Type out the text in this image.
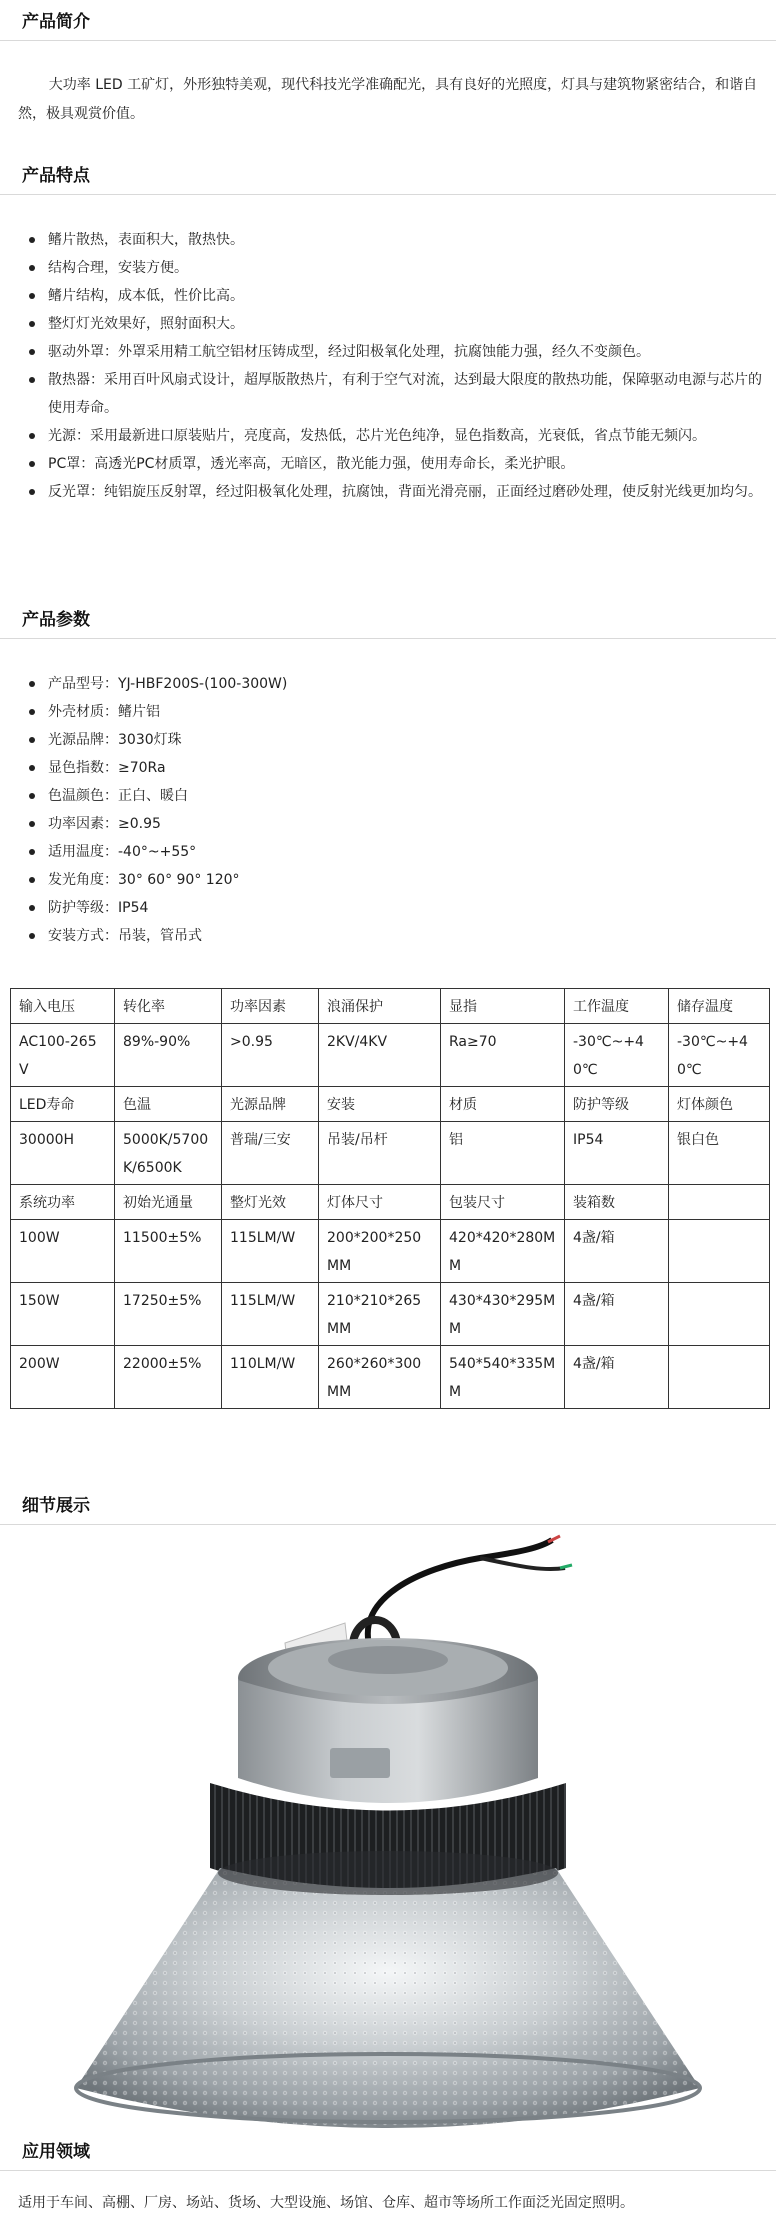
产品简介
大功率 LED 工矿灯，外形独特美观，现代科技光学准确配光，具有良好的光照度，灯具与建筑物紧密结合，和谐自然，极具观赏价值。
产品特点
鳍片散热，表面积大，散热快。
结构合理，安装方便。
鳍片结构，成本低，性价比高。
整灯灯光效果好，照射面积大。
驱动外罩：外罩采用精工航空铝材压铸成型，经过阳极氧化处理，抗腐蚀能力强，经久不变颜色。
散热器：采用百叶风扇式设计，超厚版散热片，有利于空气对流，达到最大限度的散热功能，保障驱动电源与芯片的使用寿命。
光源：采用最新进口原装贴片，亮度高，发热低，芯片光色纯净，显色指数高，光衰低，省点节能无频闪。
PC罩：高透光PC材质罩，透光率高，无暗区，散光能力强，使用寿命长，柔光护眼。
反光罩：纯铝旋压反射罩，经过阳极氧化处理，抗腐蚀，背面光滑亮丽，正面经过磨砂处理，使反射光线更加均匀。
产品参数
产品型号：YJ-HBF200S-(100-300W)
外壳材质：鳍片铝
光源品牌：3030灯珠
显色指数：≥70Ra
色温颜色：正白、暖白
功率因素：≥0.95
适用温度：-40°~+55°
发光角度：30° 60° 90° 120°
防护等级：IP54
安装方式：吊装，管吊式
输入电压	转化率	功率因素	浪涌保护	显指	工作温度	储存温度
AC100-265V	89%-90%	>0.95	2KV/4KV	Ra≥70	-30℃~+40℃	-30℃~+40℃
LED寿命	色温	光源品牌	安装	材质	防护等级	灯体颜色
30000H	5000K/5700K/6500K	普瑞/三安	吊装/吊杆	铝	IP54	银白色
系统功率	初始光通量	整灯光效	灯体尺寸	包装尺寸	装箱数	
100W	11500±5%	115LM/W	200*200*250MM	420*420*280MM	4盏/箱	
150W	17250±5%	115LM/W	210*210*265MM	430*430*295MM	4盏/箱	
200W	22000±5%	110LM/W	260*260*300MM	540*540*335MM	4盏/箱	
细节展示
应用领域
适用于车间、高棚、厂房、场站、货场、大型设施、场馆、仓库、超市等场所工作面泛光固定照明。
